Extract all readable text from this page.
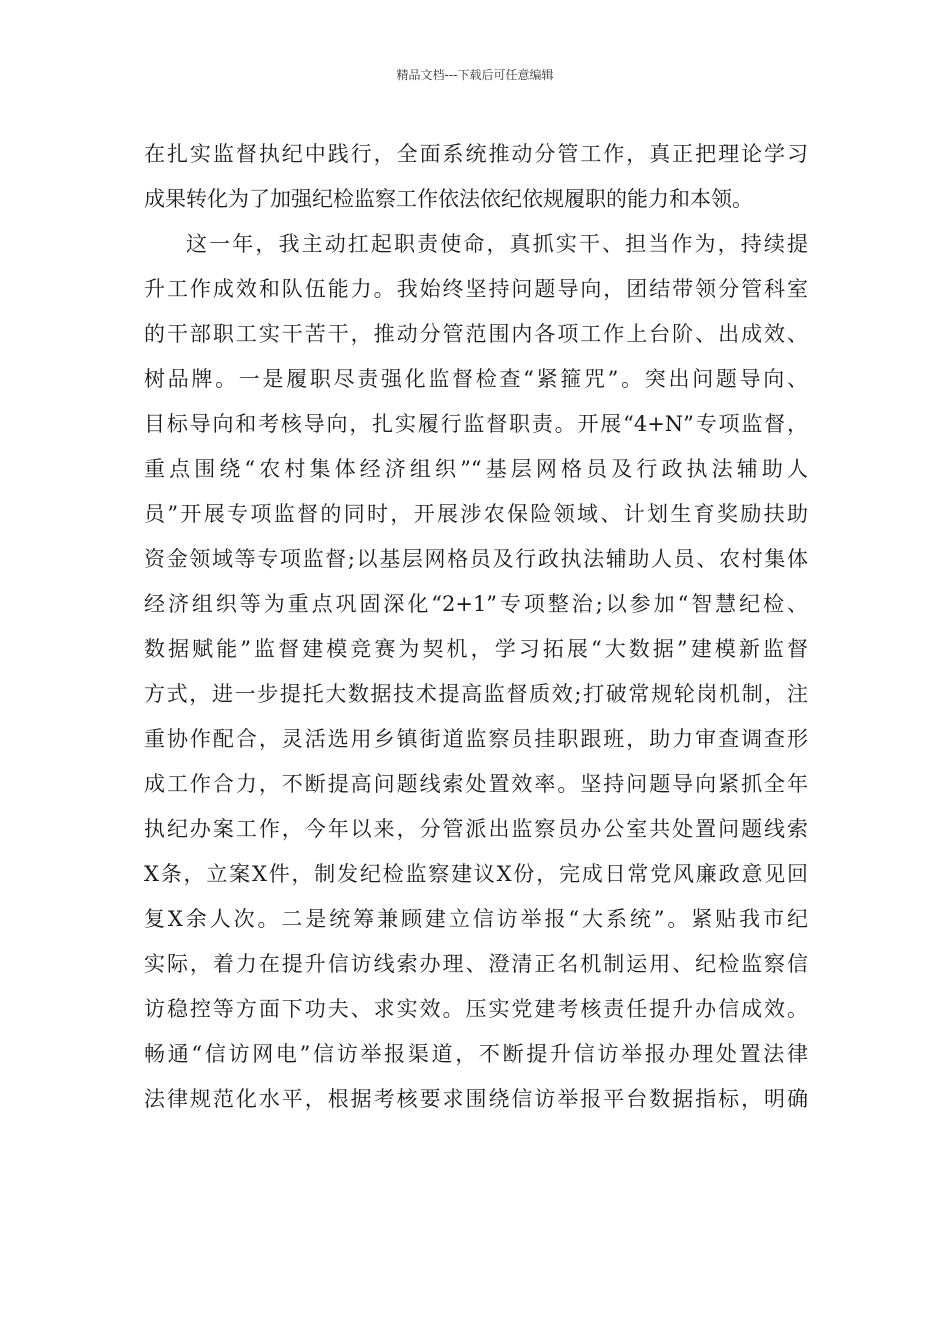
精品文档---下载后可任意编辑
在扎实监督执纪中践行，全面系统推动分管工作，真正把理论学习
成果转化为了加强纪检监察工作依法依纪依规履职的能力和本领。
这一年，我主动扛起职责使命，真抓实干、担当作为，持续提
升工作成效和队伍能力。我始终坚持问题导向，团结带领分管科室
的干部职工实干苦干，推动分管范围内各项工作上台阶、出成效、
树品牌。一是履职尽责强化监督检查“紧箍咒”。突出问题导向、
目标导向和考核导向，扎实履行监督职责。开展“4+N”专项监督，
重点围绕“农村集体经济组织”“基层网格员及行政执法辅助人
员”开展专项监督的同时，开展涉农保险领域、计划生育奖励扶助
资金领域等专项监督;以基层网格员及行政执法辅助人员、农村集体
经济组织等为重点巩固深化“2+1”专项整治;以参加“智慧纪检、
数据赋能”监督建模竞赛为契机，学习拓展“大数据”建模新监督
方式，进一步提托大数据技术提高监督质效;打破常规轮岗机制，注
重协作配合，灵活选用乡镇街道监察员挂职跟班，助力审查调查形
成工作合力，不断提高问题线索处置效率。坚持问题导向紧抓全年
执纪办案工作，今年以来，分管派出监察员办公室共处置问题线索
X条，立案X件，制发纪检监察建议X份，完成日常党风廉政意见回
复X余人次。二是统筹兼顾建立信访举报“大系统”。紧贴我市纪
实际，着力在提升信访线索办理、澄清正名机制运用、纪检监察信
访稳控等方面下功夫、求实效。压实党建考核责任提升办信成效。
畅通“信访网电”信访举报渠道，不断提升信访举报办理处置法律
法律规范化水平，根据考核要求围绕信访举报平台数据指标，明确
